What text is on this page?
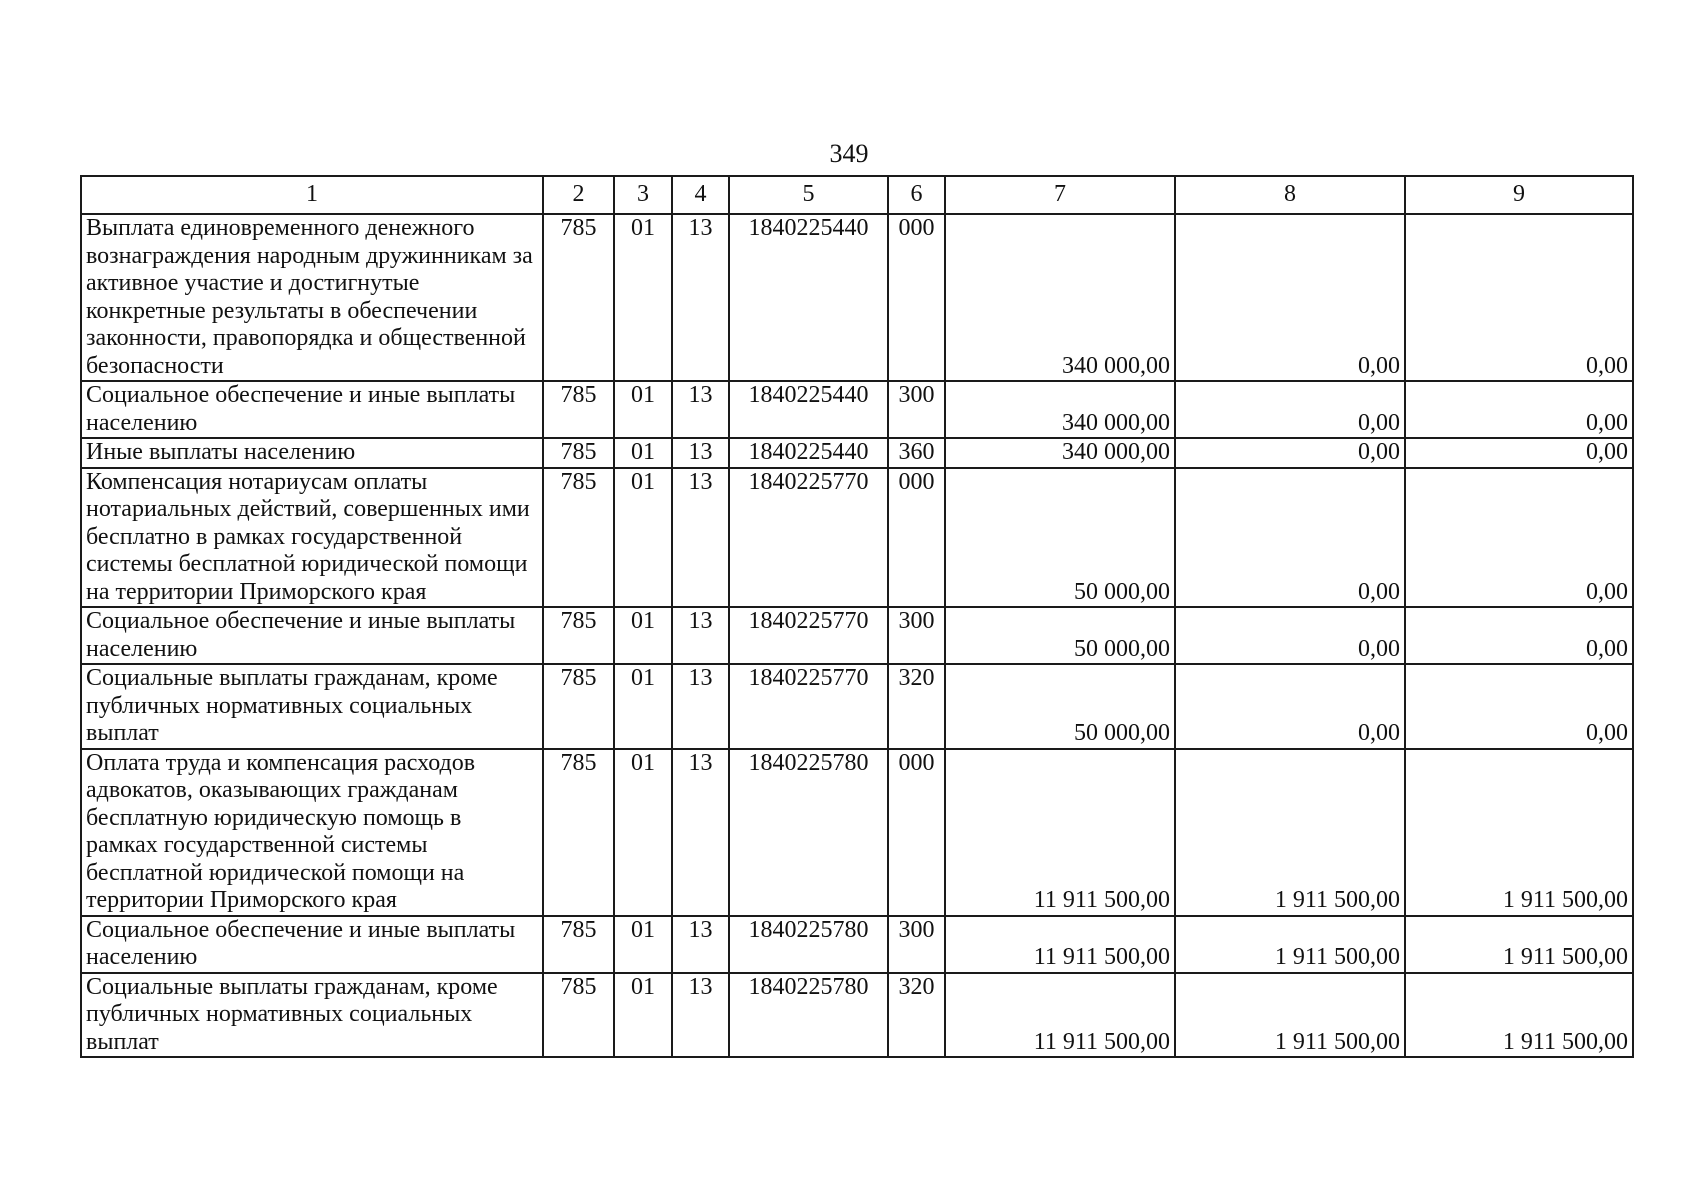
349
1	2	3	4	5	6	7	8	9
Выплата единовременного денежного вознаграждения народным дружинникам за активное участие и достигнутые конкретные результаты в обеспечении законности, правопорядка и общественной безопасности	785	01	13	1840225440	000	340 000,00	0,00	0,00
Социальное обеспечение и иные выплаты населению	785	01	13	1840225440	300	340 000,00	0,00	0,00
Иные выплаты населению	785	01	13	1840225440	360	340 000,00	0,00	0,00
Компенсация нотариусам оплаты нотариальных действий, совершенных ими бесплатно в рамках государственной системы бесплатной юридической помощи на территории Приморского края	785	01	13	1840225770	000	50 000,00	0,00	0,00
Социальное обеспечение и иные выплаты населению	785	01	13	1840225770	300	50 000,00	0,00	0,00
Социальные выплаты гражданам, кроме публичных нормативных социальных выплат	785	01	13	1840225770	320	50 000,00	0,00	0,00
Оплата труда и компенсация расходов адвокатов, оказывающих гражданам бесплатную юридическую помощь в рамках государственной системы бесплатной юридической помощи на территории Приморского края	785	01	13	1840225780	000	11 911 500,00	1 911 500,00	1 911 500,00
Социальное обеспечение и иные выплаты населению	785	01	13	1840225780	300	11 911 500,00	1 911 500,00	1 911 500,00
Социальные выплаты гражданам, кроме публичных нормативных социальных выплат	785	01	13	1840225780	320	11 911 500,00	1 911 500,00	1 911 500,00
